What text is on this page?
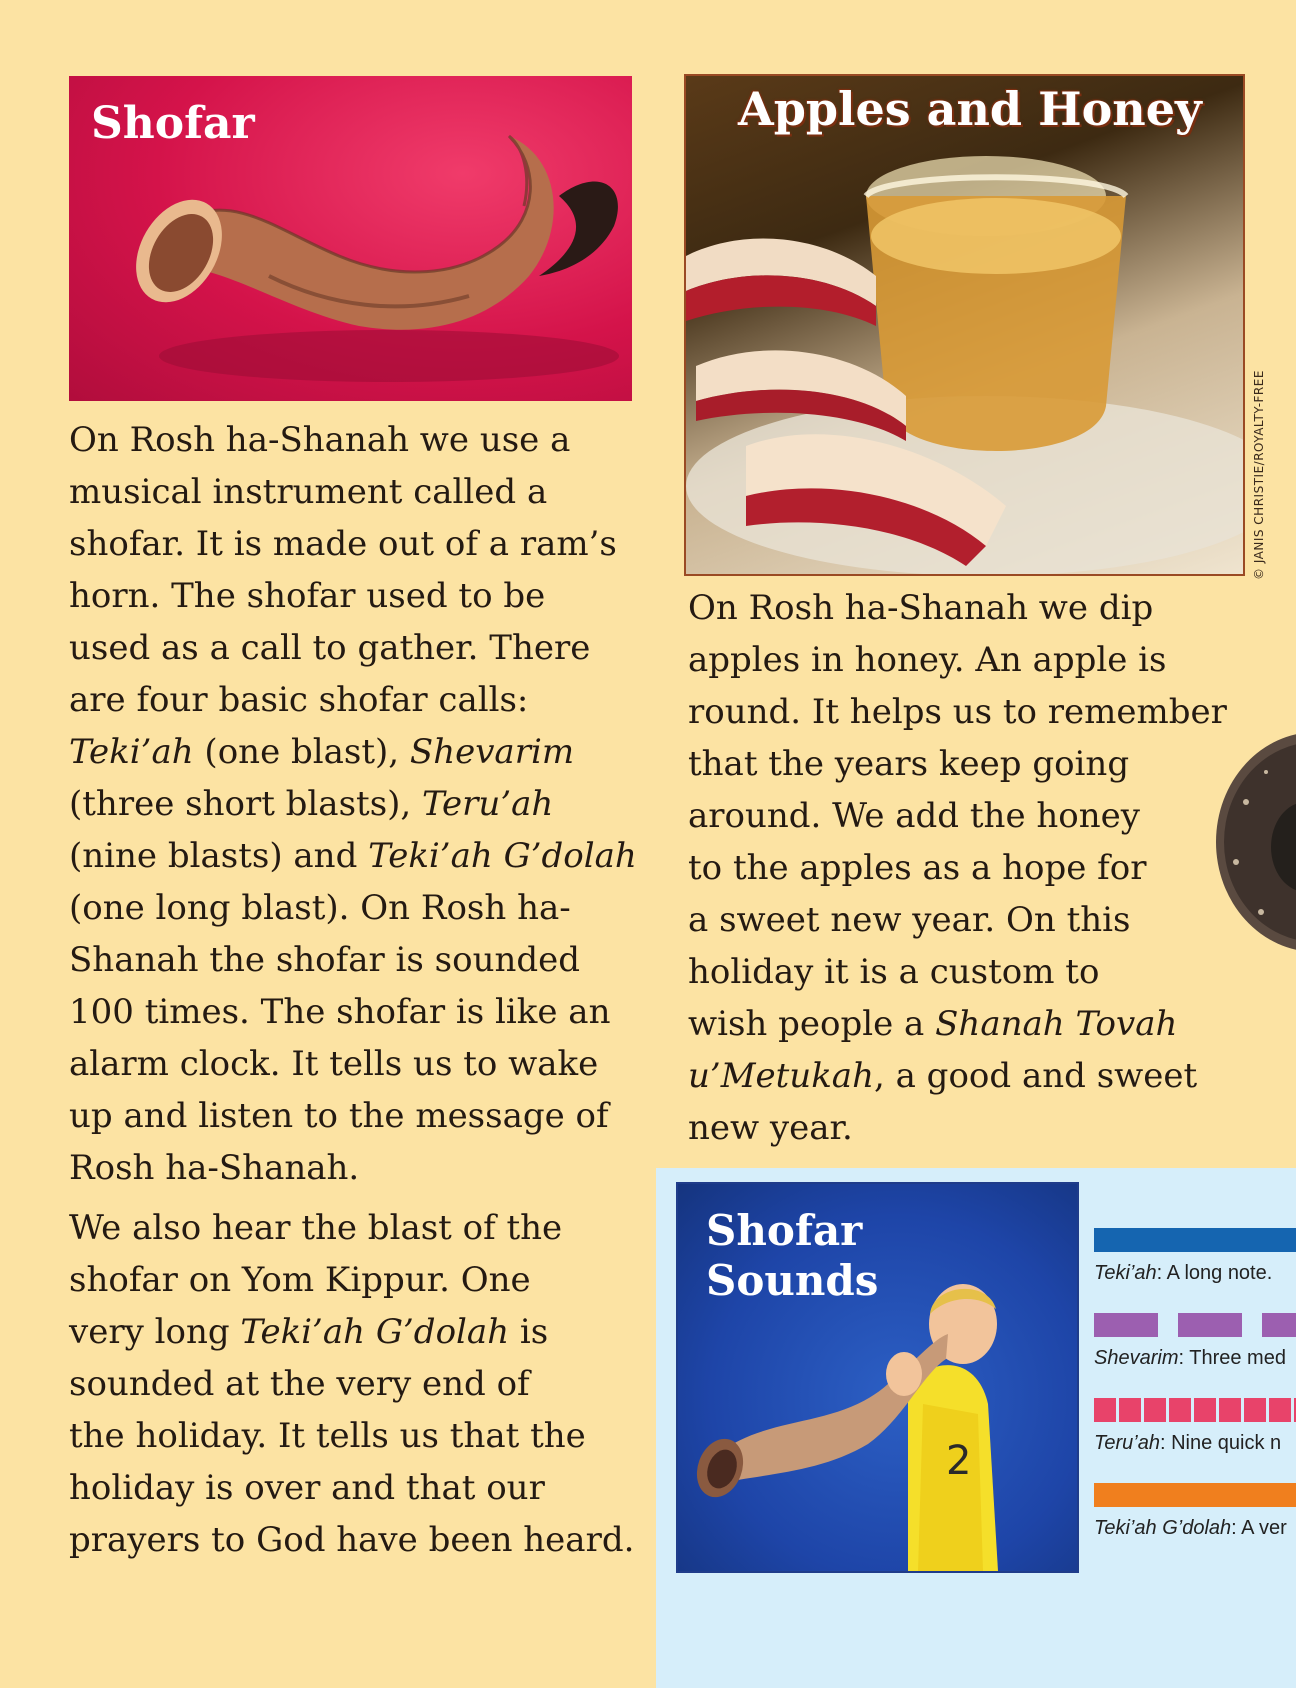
Shofar	Apples and Honey
© JANIS CHRISTIE/ROYALTY-FREE

On Rosh ha-Shanah we use a
musical instrument called a
shofar. It is made out of a ram’s
horn. The shofar used to be
used as a call to gather. There
are four basic shofar calls:
Teki’ah (one blast), Shevarim
(three short blasts), Teru’ah
(nine blasts) and Teki’ah G’dolah
(one long blast). On Rosh ha-
Shanah the shofar is sounded
100 times. The shofar is like an
alarm clock. It tells us to wake
up and listen to the message of
Rosh ha-Shanah.

We also hear the blast of the
shofar on Yom Kippur. One
very long Teki’ah G’dolah is
sounded at the very end of
the holiday. It tells us that the
holiday is over and that our
prayers to God have been heard.

On Rosh ha-Shanah we dip
apples in honey. An apple is
round. It helps us to remember
that the years keep going
around. We add the honey
to the apples as a hope for
a sweet new year. On this
holiday it is a custom to
wish people a Shanah Tovah
u’Metukah, a good and sweet
new year.

2
Shofar
Sounds	Teki’ah: A long note.
Shevarim: Three med
Teru’ah: Nine quick n
Teki’ah G’dolah: A ver
